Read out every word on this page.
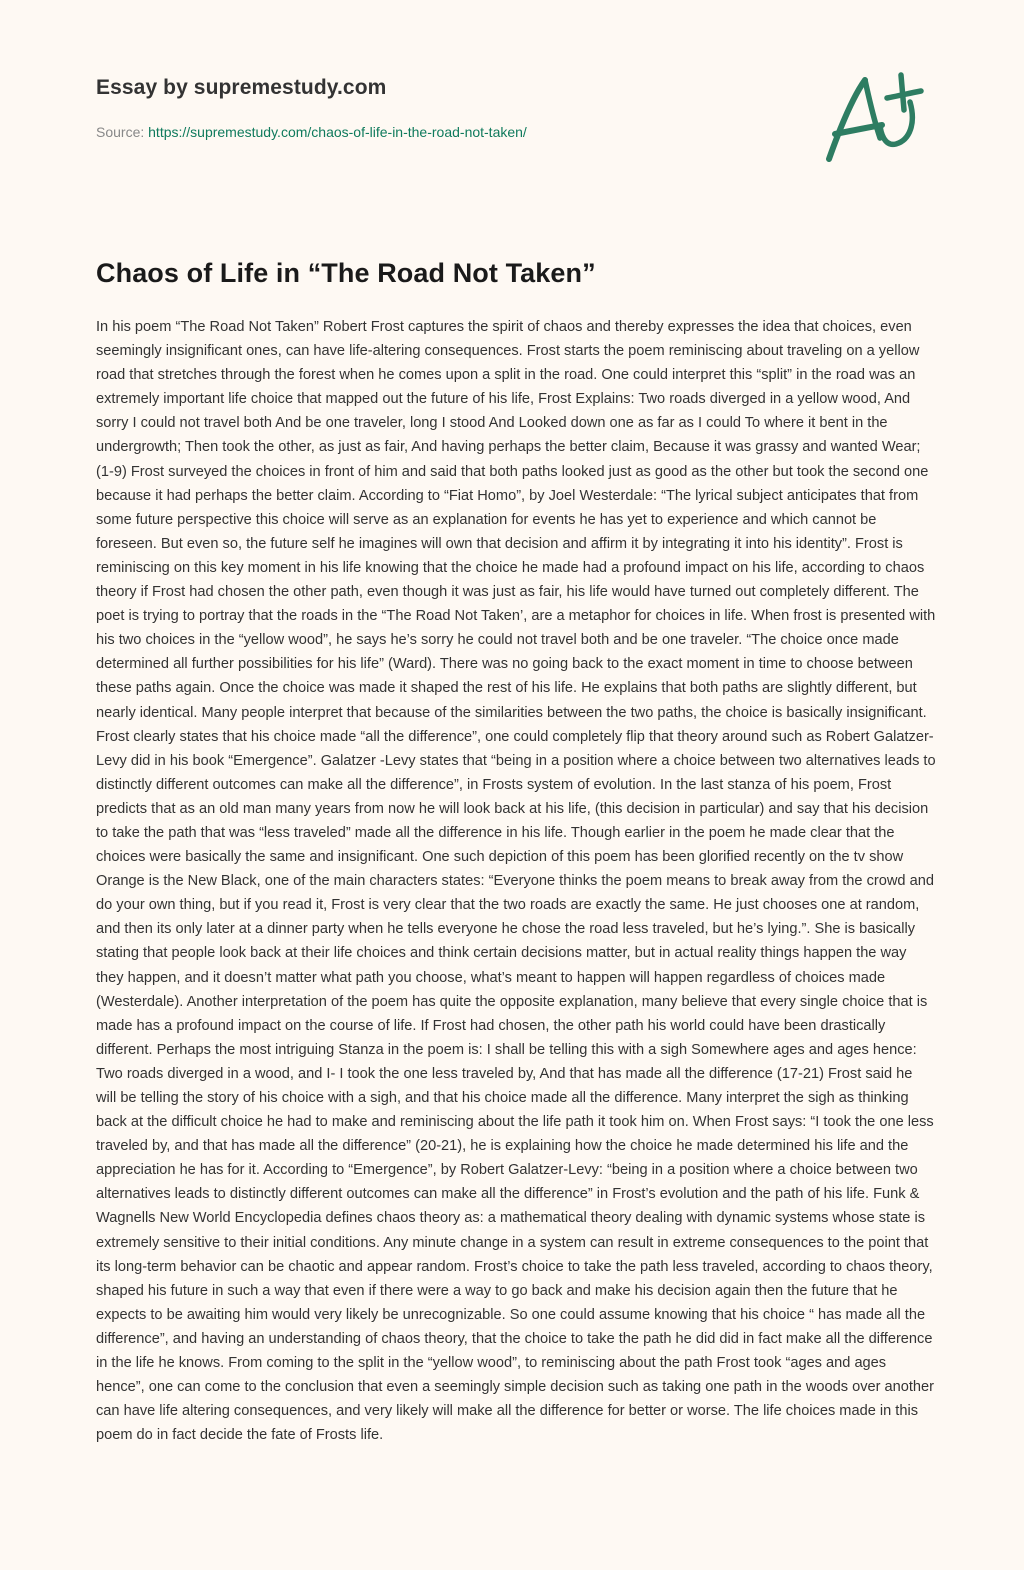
Essay by supremestudy.com
Source: https://supremestudy.com/chaos-of-life-in-the-road-not-taken/
Chaos of Life in “The Road Not Taken”

In his poem “The Road Not Taken” Robert Frost captures the spirit of chaos and thereby expresses the idea that choices, even seemingly insignificant ones, can have life-altering consequences. Frost starts the poem reminiscing about traveling on a yellow road that stretches through the forest when he comes upon a split in the road. One could interpret this “split” in the road was an extremely important life choice that mapped out the future of his life, Frost Explains: Two roads diverged in a yellow wood, And sorry I could not travel both And be one traveler, long I stood And Looked down one as far as I could To where it bent in the undergrowth; Then took the other, as just as fair, And having perhaps the better claim, Because it was grassy and wanted Wear; (1-9) Frost surveyed the choices in front of him and said that both paths looked just as good as the other but took the second one because it had perhaps the better claim. According to “Fiat Homo”, by Joel Westerdale: “The lyrical subject anticipates that from some future perspective this choice will serve as an explanation for events he has yet to experience and which cannot be foreseen. But even so, the future self he imagines will own that decision and affirm it by integrating it into his identity”. Frost is reminiscing on this key moment in his life knowing that the choice he made had a profound impact on his life, according to chaos theory if Frost had chosen the other path, even though it was just as fair, his life would have turned out completely different. The poet is trying to portray that the roads in the “The Road Not Taken’, are a metaphor for choices in life. When frost is presented with his two choices in the “yellow wood”, he says he’s sorry he could not travel both and be one traveler. “The choice once made determined all further possibilities for his life” (Ward). There was no going back to the exact moment in time to choose between these paths again. Once the choice was made it shaped the rest of his life. He explains that both paths are slightly different, but nearly identical. Many people interpret that because of the similarities between the two paths, the choice is basically insignificant. Frost clearly states that his choice made “all the difference”, one could completely flip that theory around such as Robert Galatzer-Levy did in his book “Emergence”. Galatzer -Levy states that “being in a position where a choice between two alternatives leads to distinctly different outcomes can make all the difference”, in Frosts system of evolution. In the last stanza of his poem, Frost predicts that as an old man many years from now he will look back at his life, (this decision in particular) and say that his decision to take the path that was “less traveled” made all the difference in his life. Though earlier in the poem he made clear that the choices were basically the same and insignificant. One such depiction of this poem has been glorified recently on the tv show Orange is the New Black, one of the main characters states: “Everyone thinks the poem means to break away from the crowd and do your own thing, but if you read it, Frost is very clear that the two roads are exactly the same. He just chooses one at random, and then its only later at a dinner party when he tells everyone he chose the road less traveled, but he’s lying.”. She is basically stating that people look back at their life choices and think certain decisions matter, but in actual reality things happen the way they happen, and it doesn’t matter what path you choose, what’s meant to happen will happen regardless of choices made (Westerdale). Another interpretation of the poem has quite the opposite explanation, many believe that every single choice that is made has a profound impact on the course of life. If Frost had chosen, the other path his world could have been drastically different. Perhaps the most intriguing Stanza in the poem is: I shall be telling this with a sigh Somewhere ages and ages hence: Two roads diverged in a wood, and I- I took the one less traveled by, And that has made all the difference (17-21) Frost said he will be telling the story of his choice with a sigh, and that his choice made all the difference. Many interpret the sigh as thinking back at the difficult choice he had to make and reminiscing about the life path it took him on. When Frost says: “I took the one less traveled by, and that has made all the difference” (20-21), he is explaining how the choice he made determined his life and the appreciation he has for it. According to “Emergence”, by Robert Galatzer-Levy: “being in a position where a choice between two alternatives leads to distinctly different outcomes can make all the difference” in Frost’s evolution and the path of his life. Funk & Wagnells New World Encyclopedia defines chaos theory as: a mathematical theory dealing with dynamic systems whose state is extremely sensitive to their initial conditions. Any minute change in a system can result in extreme consequences to the point that its long-term behavior can be chaotic and appear random. Frost’s choice to take the path less traveled, according to chaos theory, shaped his future in such a way that even if there were a way to go back and make his decision again then the future that he expects to be awaiting him would very likely be unrecognizable. So one could assume knowing that his choice “ has made all the difference”, and having an understanding of chaos theory, that the choice to take the path he did did in fact make all the difference in the life he knows. From coming to the split in the “yellow wood”, to reminiscing about the path Frost took “ages and ages hence”, one can come to the conclusion that even a seemingly simple decision such as taking one path in the woods over another can have life altering consequences, and very likely will make all the difference for better or worse. The life choices made in this poem do in fact decide the fate of Frosts life.
